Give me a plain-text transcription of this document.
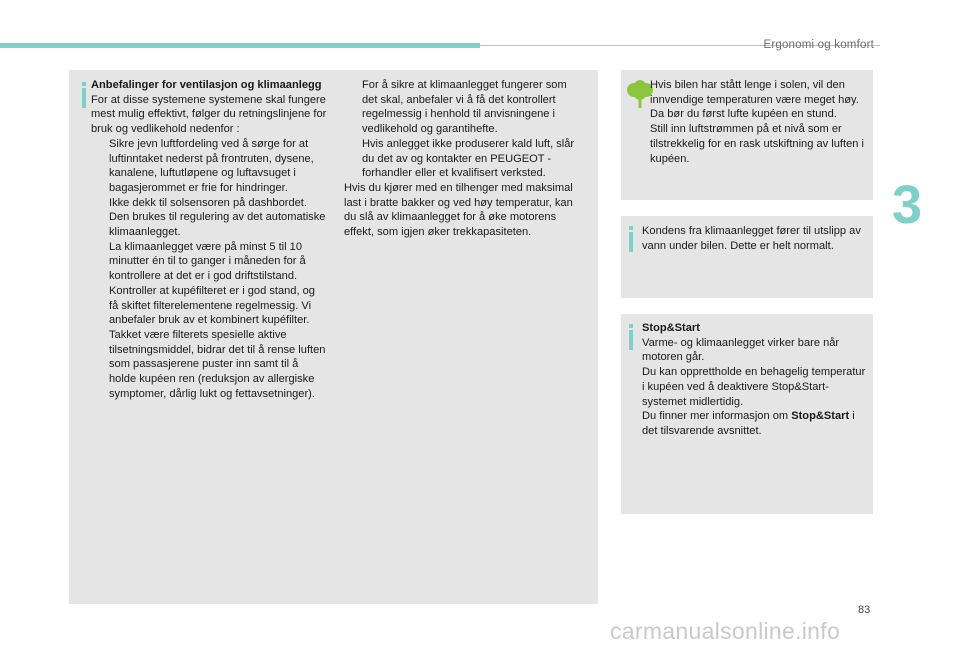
Ergonomi og komfort
3

Anbefalinger for ventilasjon og klimaanlegg

For at disse systemene systemene skal fungere mest mulig effektivt, følger du retningslinjene for bruk og vedlikehold nedenfor :

Sikre jevn luftfordeling ved å sørge for at luftinntaket nederst på frontruten, dysene, kanalene, luftutløpene og luftavsuget i bagasjerommet er frie for hindringer.
Ikke dekk til solsensoren på dashbordet. Den brukes til regulering av det automatiske klimaanlegget.
La klimaanlegget være på minst 5 til 10 minutter én til to ganger i måneden for å kontrollere at det er i god driftstilstand.
Kontroller at kupéfilteret er i god stand, og få skiftet filterelementene regelmessig. Vi anbefaler bruk av et kombinert kupéfilter. Takket være filterets spesielle aktive tilsetningsmiddel, bidrar det til å rense luften som passasjerene puster inn samt til å holde kupéen ren (reduksjon av allergiske symptomer, dårlig lukt og fettavsetninger).
For å sikre at klimaanlegget fungerer som det skal, anbefaler vi å få det kontrollert regelmessig i henhold til anvisningene i vedlikehold og garantihefte.
Hvis anlegget ikke produserer kald luft, slår du det av og kontakter en PEUGEOT -forhandler eller et kvalifisert verksted.

Hvis du kjører med en tilhenger med maksimal last i bratte bakker og ved høy temperatur, kan du slå av klimaanlegget for å øke motorens effekt, som igjen øker trekkapasiteten.

Hvis bilen har stått lenge i solen, vil den innvendige temperaturen være meget høy. Da bør du først lufte kupéen en stund.

Still inn luftstrømmen på et nivå som er tilstrekkelig for en rask utskiftning av luften i kupéen.

Kondens fra klimaanlegget fører til utslipp av vann under bilen. Dette er helt normalt.

Stop&Start

Varme- og klimaanlegget virker bare når motoren går.

Du kan opprettholde en behagelig temperatur i kupéen ved å deaktivere Stop&Start-systemet midlertidig.

Du finner mer informasjon om Stop&Start i det tilsvarende avsnittet.

83
carmanualsonline.info
